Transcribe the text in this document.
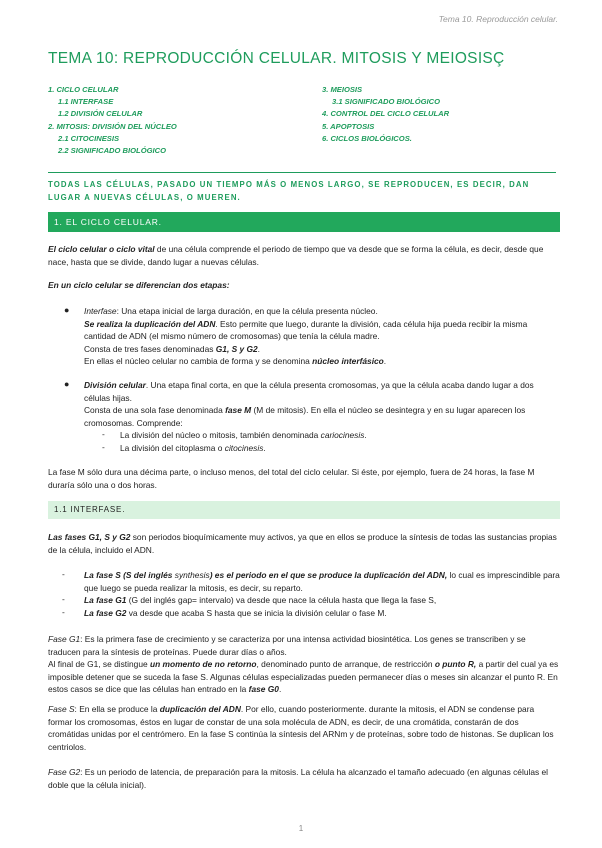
Tema 10. Reproducción celular.
TEMA 10: REPRODUCCIÓN CELULAR. MITOSIS Y MEIOSISÇ
1. CICLO CELULAR
1.1 INTERFASE
1.2 DIVISIÓN CELULAR
2. MITOSIS: DIVISIÓN DEL NÚCLEO
2.1 CITOCINESIS
2.2 SIGNIFICADO BIOLÓGICO
3. MEIOSIS
3.1 SIGNIFICADO BIOLÓGICO
4. CONTROL DEL CICLO CELULAR
5. APOPTOSIS
6. CICLOS BIOLÓGICOS.
TODAS LAS CÉLULAS, PASADO UN TIEMPO MÁS O MENOS LARGO, SE REPRODUCEN, ES DECIR, DAN LUGAR A NUEVAS CÉLULAS, O MUEREN.
1. EL CICLO CELULAR.
El ciclo celular o ciclo vital de una célula comprende el periodo de tiempo que va desde que se forma la célula, es decir, desde que nace, hasta que se divide, dando lugar a nuevas células.
En un ciclo celular se diferencian dos etapas:
● Interfase: Una etapa inicial de larga duración, en que la célula presenta núcleo.
Se realiza la duplicación del ADN. Esto permite que luego, durante la división, cada célula hija pueda recibir la misma cantidad de ADN (el mismo número de cromosomas) que tenía la célula madre.
Consta de tres fases denominadas G1, S y G2.
En ellas el núcleo celular no cambia de forma y se denomina núcleo interfásico.
● División celular. Una etapa final corta, en que la célula presenta cromosomas, ya que la célula acaba dando lugar a dos células hijas.
Consta de una sola fase denominada fase M (M de mitosis). En ella el núcleo se desintegra y en su lugar aparecen los cromosomas. Comprende:
- La división del núcleo o mitosis, también denominada cariocinesis.
- La división del citoplasma o citocinesis.
La fase M sólo dura una décima parte, o incluso menos, del total del ciclo celular. Si éste, por ejemplo, fuera de 24 horas, la fase M duraría sólo una o dos horas.
1.1 INTERFASE.
Las fases G1, S y G2 son periodos bioquímicamente muy activos, ya que en ellos se produce la síntesis de todas las sustancias propias de la célula, incluido el ADN.
- La fase S (S del inglés synthesis) es el periodo en el que se produce la duplicación del ADN, lo cual es imprescindible para que luego se pueda realizar la mitosis, es decir, su reparto.
- La fase G1 (G del inglés gap= intervalo) va desde que nace la célula hasta que llega la fase S,
- La fase G2 va desde que acaba S hasta que se inicia la división celular o fase M.
Fase G1: Es la primera fase de crecimiento y se caracteriza por una intensa actividad biosintética. Los genes se transcriben y se traducen para la síntesis de proteínas. Puede durar días o años.
Al final de G1, se distingue un momento de no retorno, denominado punto de arranque, de restricción o punto R, a partir del cual ya es imposible detener que se suceda la fase S. Algunas células especializadas pueden permanecer días o meses sin alcanzar el punto R. En estos casos se dice que las células han entrado en la fase G0.
Fase S: En ella se produce la duplicación del ADN. Por ello, cuando posteriormente. durante la mitosis, el ADN se condense para formar los cromosomas, éstos en lugar de constar de una sola molécula de ADN, es decir, de una cromátida, constarán de dos cromátidas unidas por el centrómero. En la fase S continúa la síntesis del ARNm y de proteínas, sobre todo de histonas. Se duplican los centriolos.
Fase G2: Es un periodo de latencia, de preparación para la mitosis. La célula ha alcanzado el tamaño adecuado (en algunas células el doble que la célula inicial).
1
